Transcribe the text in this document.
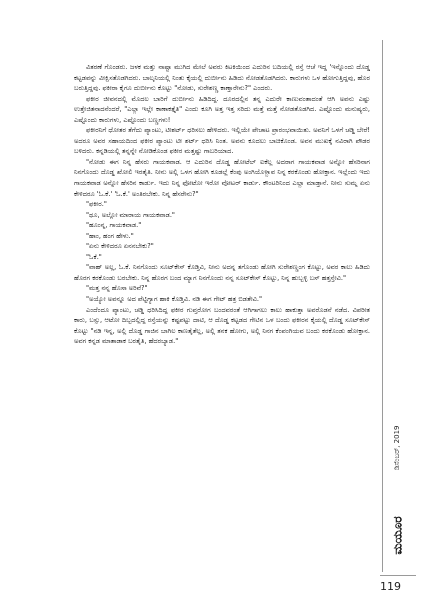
ವಿತರಣೆ ಗೊಂಡರು. ಜಳಕ ಮತ್ತು ನಾಷ್ಟಾ ಮುಗಿದ ಮೇಲೆ ಅವರು ಕಿಟಕಿಯಿಂದ ಎದುರಿನ ಬದಿಯಲ್ಲಿ ರಸ್ತೆ ಆಚೆ ಇದ್ದ 'ಇನ್ನೊಂದು ದೊಡ್ಡ ಕಟ್ಟಡವನ್ನು ವೀಕ್ಷಿಸತೊಡಗಿದರು. ಬಾಲ್ಕನಿಯಲ್ಲಿ ನಿಂತು ಕೈಯಲ್ಲಿ ದುರ್ಬೀನು ಹಿಡಿದು ನೋಡತೊಡಗಿದರು. ಕಾರುಗಳು ಒಳ ಹೋಗುತ್ತಿದ್ದವು, ಹೊರ ಬರುತ್ತಿದ್ದವು. ಫಕೀರಾ ಕೈಗೂ ದುರ್ಬೀನು ಕೊಟ್ಟು "ನೋಡು, ಸುರೇಶಣ್ಣ ಕಾಣ್ತಾರೇನು?" ಎಂದರು.

ಫಕೀರ ಜೀವನದಲ್ಲಿ ಮೊದಲ ಬಾರಿಗೆ ದುರ್ಬೀನು ಹಿಡಿದಿದ್ದ. ದೂರದಲ್ಲಿನ ತನ್ನ ಎದುರೇ ಕಾಣುವಂತಾದಂತೆ ಆಗಿ ಅವನು ಎಷ್ಟು ಉತ್ತೇಜಿತನಾದನೆಂದರೆ, "ಎಲ್ಲಾ ಇಲ್ಲೇ ಕಾಣಾಕತ್ತೈತಿ" ಎಂದು ಕೂಗಿ ಅತ್ತ ಇತ್ತ ಸರಿದು ಮತ್ತೆ ಮತ್ತೆ ನೋಡತೊಡಗಿದ. ಎಷ್ಟೊಂದು ಮನುಷ್ಯರು, ಎಷ್ಟೊಂದು ಕಾರುಗಳು, ಎಷ್ಟೊಂದು ಬಣ್ಣಗಳು!

ಫಕೀರನಿಗೆ ಧೋತರ ತೆಗೆದು ಪ್ಯಾಂಟು, ಟೀಶರ್ಟ್ ಧರಿಸಲು ಹೇಳಿದರು. ಇಲ್ಲಿಯೇ ಪೇಚಾಟ ಪ್ರಾರಂಭವಾಯಿತು. ಅವನಿಗೆ ಒಳಗೆ ಚಡ್ಡಿ ಬೇರೆ! ಅದರೂ ಅವರ ಸಹಾಯದಿಂದ ಫಕೀರ ಪ್ಯಾಂಟು ಟೀ ಶರ್ಟ್ ಧರಿಸಿ ನಿಂತ. ಅವನು ಕೂದಲು ಬಾಚಿಕೊಂಡ. ಅವನ ಮುಖಕ್ಕೆ ನವಿರಾಗಿ ಪೌಡರ ಬಳಿದರು. ಕನ್ನಡಿಯಲ್ಲಿ ತನ್ನನ್ನೇ ನೋಡಿಕೊಂಡ ಫಕೀರ ಮತ್ತಷ್ಟು ಗಾಬರಿಯಾದ.

"ನೋಡು ಈಗ ನಿನ್ನ ಹೆಸರು ಗಾಯಕವಾಡ. ಆ ಎದುರಿನ ದೊಡ್ಡ ಹೋಟೆಲ್ ಐಕೆಲ್ಲ ಅದರಾಗ ಗಾಯಕವಾಡ ಅನ್ನೋ ಹೆಸರಿನಾಗ ನಿನಗೊಂದು ದೊಡ್ಡ ಖೋಲಿ ಇರತೈತಿ. ನೀನು ಅಲ್ಲಿ ಒಳಗ ಹೋಗಿ ಕೂಡಲ್ಲೆ ಕೆಂಪು ಅಂಗಿಯೊಳ್ಬಾವ ನಿನ್ನ ಕರಕೊಂಡು ಹೋಕ್ತಾನ. ಇಲ್ಲೆಂದು ಇದು ಗಾಯಕವಾಡ ಅನ್ನೋ ಹೆಸರಿನ ಕಾರ್ಡು. ಇದು ನಿನ್ನ ಫೋಟೋ ಇರೋ ವೋಟರ್ ಕಾರ್ಡು. ಕೌಂಟರಿನಿಂದ ಎಲ್ಲಾ ಮಾಡ್ತಾನೆ. ನೀನು ಸುಮ್ನ ಏನು ಕೇಳಿದರೂ 'ಓ.ಕೆ.' 'ಓ.ಕೆ.' ಅಂತಿರಬೇಕು. ನಿನ್ನ ಹೆಸರೇನು?"

"ಫಕೀರ."

"ಥೂ, ಅಲ್ಲೋ ಮಾರಾಯ ಗಾಯಕವಾಡ."

"ಹೂಂನ್ನ, ಗಾಯಕವಾಡ."

"ಹಾಂ, ಹಂಗ ಹೇಳು."

"ಏನು ಕೇಳಿದರೂ ಏನನಬೇಕು?"

"ಓಕೆ."

"ವಾಹ್ ಅಲ್ಲ, ಓ.ಕೆ. ನಿನಗೊಂದು ಸೂಟ್‌ಕೇಸ್ ಕೊಡ್ತಿವಿ, ನೀನು ಅದನ್ನ ತಗೊಂಡು ಹೋಗಿ ಸುರೇಶಣ್ಣಂಗ ಕೊಟ್ಟು, ಅವರ ಕಾಲು ಹಿಡಿದು ಹೊರಗ ಕರಕೊಂಡು ಬರಬೇಕು. ನಿನ್ನ ಹೊರಗ ಬಂದ ಮ್ಯಾಗ ನಿನಗೊಂದು ನನ್ನ ಸೂಟ್‌ಕೇಸ್ ಕೊಟ್ಟು, ನಿನ್ನ ಹುಬ್ಬಳ್ಳಿ ಬಸ್ ಹತ್ತಸ್ತೇವಿ."

"ಮತ್ತ ನನ್ನ ಹೊಸಾ ಅರಿವೆ?"

"ಅಯ್ಯೋ ಅವನ್ನೂ ಅದ ಪೆಟ್ಟಿಗ್ಯಾಗ ಹಾಕಿ ಕೊಡ್ತಿವಿ. ನಡಿ ಈಗ ಗೇಟ್ ಹತ್ರ ಬಿಡತೇವಿ."

ಎಂದೆಂದೂ ಪ್ಯಾಂಟು, ಚಡ್ಡಿ ಧರಿಸಿದಿದ್ದ ಫಕೀರ ಗುಪ್ತರೋಗ ಬಂದವರಂತೆ ಆಗಿಗಾಗಲು ಕಾಲು ಹಾಕುತ್ತಾ ಅವರೊಡನೆ ನಡೆದ. ವಿಪರೀತ ಕಾರು, ಬಸ್ಸು, ಆಟೋ ದಿಬ್ಬದಲ್ಲಿದ್ದ ರಸ್ತೆಯನ್ನು ಕಷ್ಟಪಟ್ಟು ದಾಟಿ, ಆ ದೊಡ್ಡ ಕಟ್ಟಡದ ಗೇಟಿನ ಒಳ ಬಂದು ಫಕೀರನ ಕೈಯಲ್ಲಿ ದೊಡ್ಡ ಸೂಟ್‌ಕೇಸ್ ಕೊಟ್ಟು "ನಡಿ ಇನ್ನ, ಅಲ್ಲಿ ದೊಡ್ಡ ಗಾಜಿನ ಬಾಗಿಲ ಕಾಣತೈತೆಲ್ಲ, ಅಲ್ಲಿ ತನಕ ಹೋಗು, ಅಲ್ಲಿ ನಿನಗ ಕೆಂಪಂಗಿಯವ ಬಂದು ಕರಕೊಂಡು ಹೋಕ್ತಾನ. ಅವಗ ಕನ್ನಡ ಮಾತಾಡಾಕ ಬರತೈತಿ, ಹೆದರಬ್ಯಾಡ."

ಡಿಸೆಂಬರ್, 2019
ಮಯೂರ
119
